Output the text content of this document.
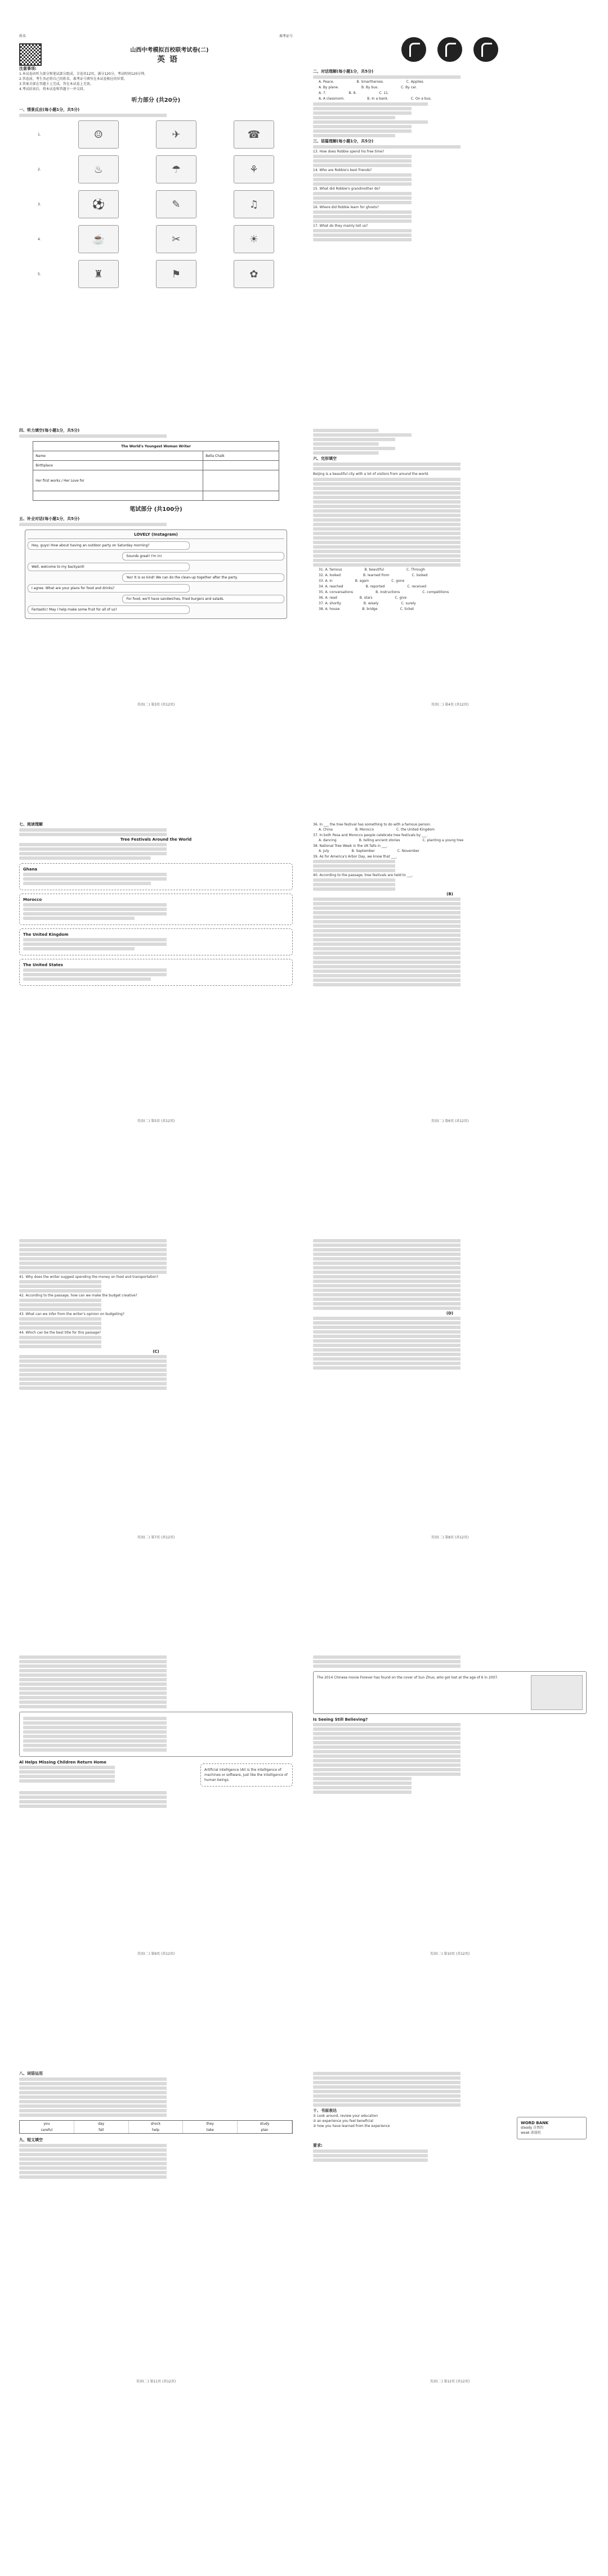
姓名	准考证号
山西中考模拟百校联考试卷(二)
英语
注意事项:
1.本试卷由听力部分和笔试部分组成。全卷共12页，满分120分，考试时间120分钟。
2.答卷前，考生务必将自己的姓名、准考证号填写在本试卷相应的位置。
3.答案全部在答题卡上完成，答在本试卷上无效。
4.考试结束后，将本试卷和答题卡一并交回。
听力部分 (共20分)
一、情景反应(每小题1分，共5分)
1.	☺	✈	☎
2.	♨	☂	⚘
3.	⚽	✎	♫
4.	☕	✂	☀
5.	♜	⚑	✿
二、对话理解(每小题1分，共5分)
A. Peace.	B. Smartheroes.	C. Applies.
A. By plane.	B. By bus.	C. By car.
A. 7.	B. 8.	C. 11.
A. A classroom.	B. In a bank.	C. On a bus.
三、语篇理解(每小题1分，共5分)
13. How does Robbie spend his free time?
14. Who are Robbie's best friends?
15. What did Robbie's grandmother do?
16. Where did Robbie learn for ghosts?
17. What do they mainly tell us?
四、听力填空(每小题1分，共5分)
The World's Youngest Woman Writer	
Name	Bella Chalk
Birthplace	
Her first works / Her Love for	

笔试部分 (共100分)
五、补全对话(每小题1分，共5分)
LOVELY (Instagram)
Hey, guys! How about having an outdoor party on Saturday morning?
Sounds great! I'm in!
Well, welcome to my backyard!
Yes! It is so kind! We can do the clean-up together after the party.
I agree. What are your plans for food and drinks?
For food, we'll have sandwiches, fried burgers and salads.
Fantastic! May I help make some fruit for all of us?
英语(二) 第3页 (共12页)
六、完形填空
Beijing is a beautiful city with a lot of visitors from around the world.
31. A. famous	B. beautiful	C. Through
32. A. looked	B. learned from	C. looked
33. A. in	B. again	C. gone
34. A. reached	B. reported	C. received
35. A. conversations	B. instructions	C. competitions
36. A. read	B. stars	C. give
37. A. shortly	B. wisely	C. surely
38. A. house	B. bridge	C. ticket
英语(二) 第4页 (共12页)
七、阅读理解
Tree Festivals Around the World
Ghana
Morocco
The United Kingdom
The United States
英语(二) 第5页 (共12页)
36. In ___ the tree festival has something to do with a famous person.
A. China	B. Morocco	C. the United Kingdom
37. In both Pesa and Morocco people celebrate tree festivals by ___.
A. dancing	B. telling ancient stories	C. planting a young tree
38. National Tree Week in the UK falls in ___.
A. July	B. September	C. November
39. As for America's Arbor Day, we know that ___.
40. According to the passage, tree festivals are held to ___.
(B)
英语(二) 第6页 (共12页)
41. Why does the writer suggest spending the money on food and transportation?
42. According to the passage, how can we make the budget creative?
43. What can we infer from the writer's opinion on budgeting?
44. Which can be the best title for this passage?
(C)
英语(二) 第7页 (共12页)
(D)
英语(二) 第8页 (共12页)
Al Helps Missing Children Return Home
Artificial intelligence (AI) is the intelligence of machines or software, just like the intelligence of human beings.
英语(二) 第9页 (共12页)
The 2014 Chinese movie Forever has found on the cover of Sun Zhuo, who got lost at the age of 6 in 2007.
Is Seeing Still Believing?
英语(二) 第10页 (共12页)
八、词语运用
you	day	shock	they	study
careful	fall	help	take	plan
九、短文填空
英语(二) 第11页 (共12页)
十、书面表达
① Look around, review your education
② an experience you feel beneficial
③ how you have learned from the experience
WORD BANK
steady 自然的
weak 虚弱的
要求:
英语(二) 第12页 (共12页)
